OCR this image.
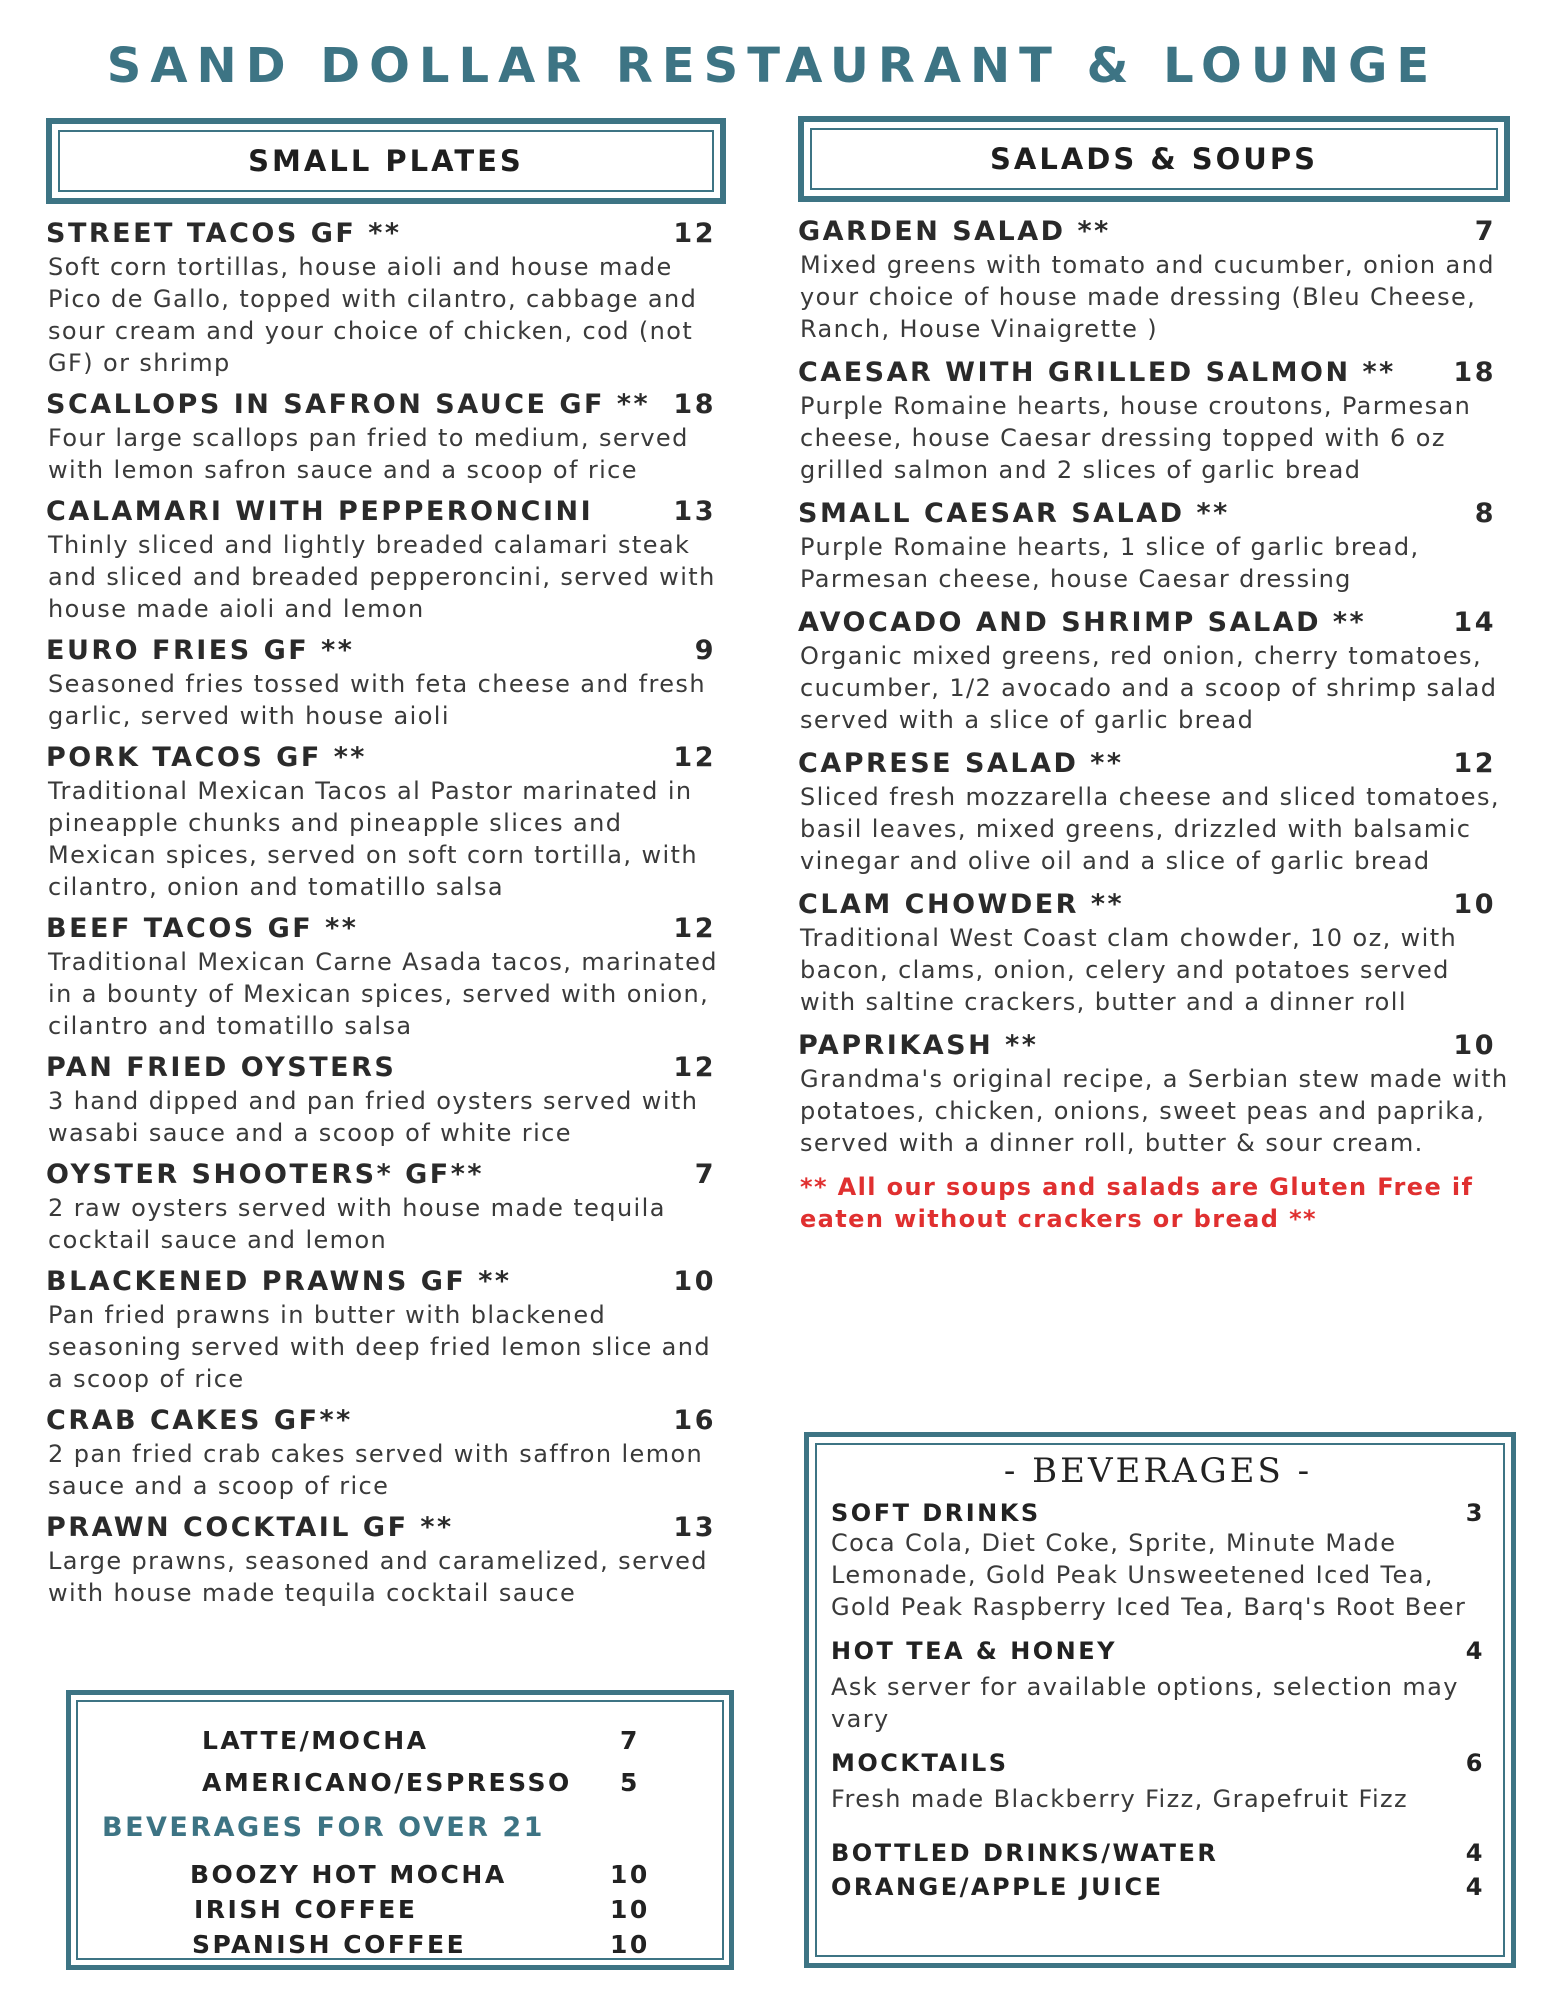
SAND DOLLAR RESTAURANT & LOUNGE
SMALL PLATES
STREET TACOS GF **	12
Soft corn tortillas, house aioli and house made Pico de Gallo, topped with cilantro, cabbage and sour cream and your choice of chicken, cod (not GF) or shrimp
SCALLOPS IN SAFRON SAUCE GF ** 18
Four large scallops pan fried to medium, served with lemon safron sauce and a scoop of rice
CALAMARI WITH PEPPERONCINI	13
Thinly sliced and lightly breaded calamari steak and sliced and breaded pepperoncini, served with house made aioli and lemon
EURO FRIES GF **	9
Seasoned fries tossed with feta cheese and fresh garlic, served with house aioli
PORK TACOS GF **	12
Traditional Mexican Tacos al Pastor marinated in pineapple chunks and pineapple slices and Mexican spices, served on soft corn tortilla, with cilantro, onion and tomatillo salsa
BEEF TACOS GF **	12
Traditional Mexican Carne Asada tacos, marinated in a bounty of Mexican spices, served with onion, cilantro and tomatillo salsa
PAN FRIED OYSTERS	12
3 hand dipped and pan fried oysters served with wasabi sauce and a scoop of white rice
OYSTER SHOOTERS* GF**	7
2 raw oysters served with house made tequila cocktail sauce and lemon
BLACKENED PRAWNS GF **	10
Pan fried prawns in butter with blackened seasoning served with deep fried lemon slice and a scoop of rice
CRAB CAKES GF**	16
2 pan fried crab cakes served with saffron lemon sauce and a scoop of rice
PRAWN COCKTAIL GF **	13
Large prawns, seasoned and caramelized, served with house made tequila cocktail sauce
SALADS & SOUPS
GARDEN SALAD **	7
Mixed greens with tomato and cucumber, onion and your choice of house made dressing (Bleu Cheese, Ranch, House Vinaigrette )
CAESAR WITH GRILLED SALMON ** 18
Purple Romaine hearts, house croutons, Parmesan cheese, house Caesar dressing topped with 6 oz grilled salmon and 2 slices of garlic bread
SMALL CAESAR SALAD **	8
Purple Romaine hearts, 1 slice of garlic bread, Parmesan cheese, house Caesar dressing
AVOCADO AND SHRIMP SALAD **	14
Organic mixed greens, red onion, cherry tomatoes, cucumber, 1/2 avocado and a scoop of shrimp salad served with a slice of garlic bread
CAPRESE SALAD **	12
Sliced fresh mozzarella cheese and sliced tomatoes, basil leaves, mixed greens, drizzled with balsamic vinegar and olive oil and a slice of garlic bread
CLAM CHOWDER **	10
Traditional West Coast clam chowder, 10 oz, with bacon, clams, onion, celery and potatoes served with saltine crackers, butter and a dinner roll
PAPRIKASH **	10
Grandma's original recipe, a Serbian stew made with potatoes, chicken, onions, sweet peas and paprika, served with a dinner roll, butter & sour cream.
** All our soups and salads are Gluten Free if eaten without crackers or bread **
LATTE/MOCHA	7
AMERICANO/ESPRESSO 5
BEVERAGES FOR OVER 21
BOOZY HOT MOCHA	10
IRISH COFFEE	10
SPANISH COFFEE	10
- BEVERAGES -
SOFT DRINKS	3
Coca Cola, Diet Coke, Sprite, Minute Made Lemonade, Gold Peak Unsweetened Iced Tea, Gold Peak Raspberry Iced Tea, Barq's Root Beer
HOT TEA & HONEY	4
Ask server for available options, selection may vary
MOCKTAILS	6
Fresh made Blackberry Fizz, Grapefruit Fizz
BOTTLED DRINKS/WATER	4
ORANGE/APPLE JUICE	4
